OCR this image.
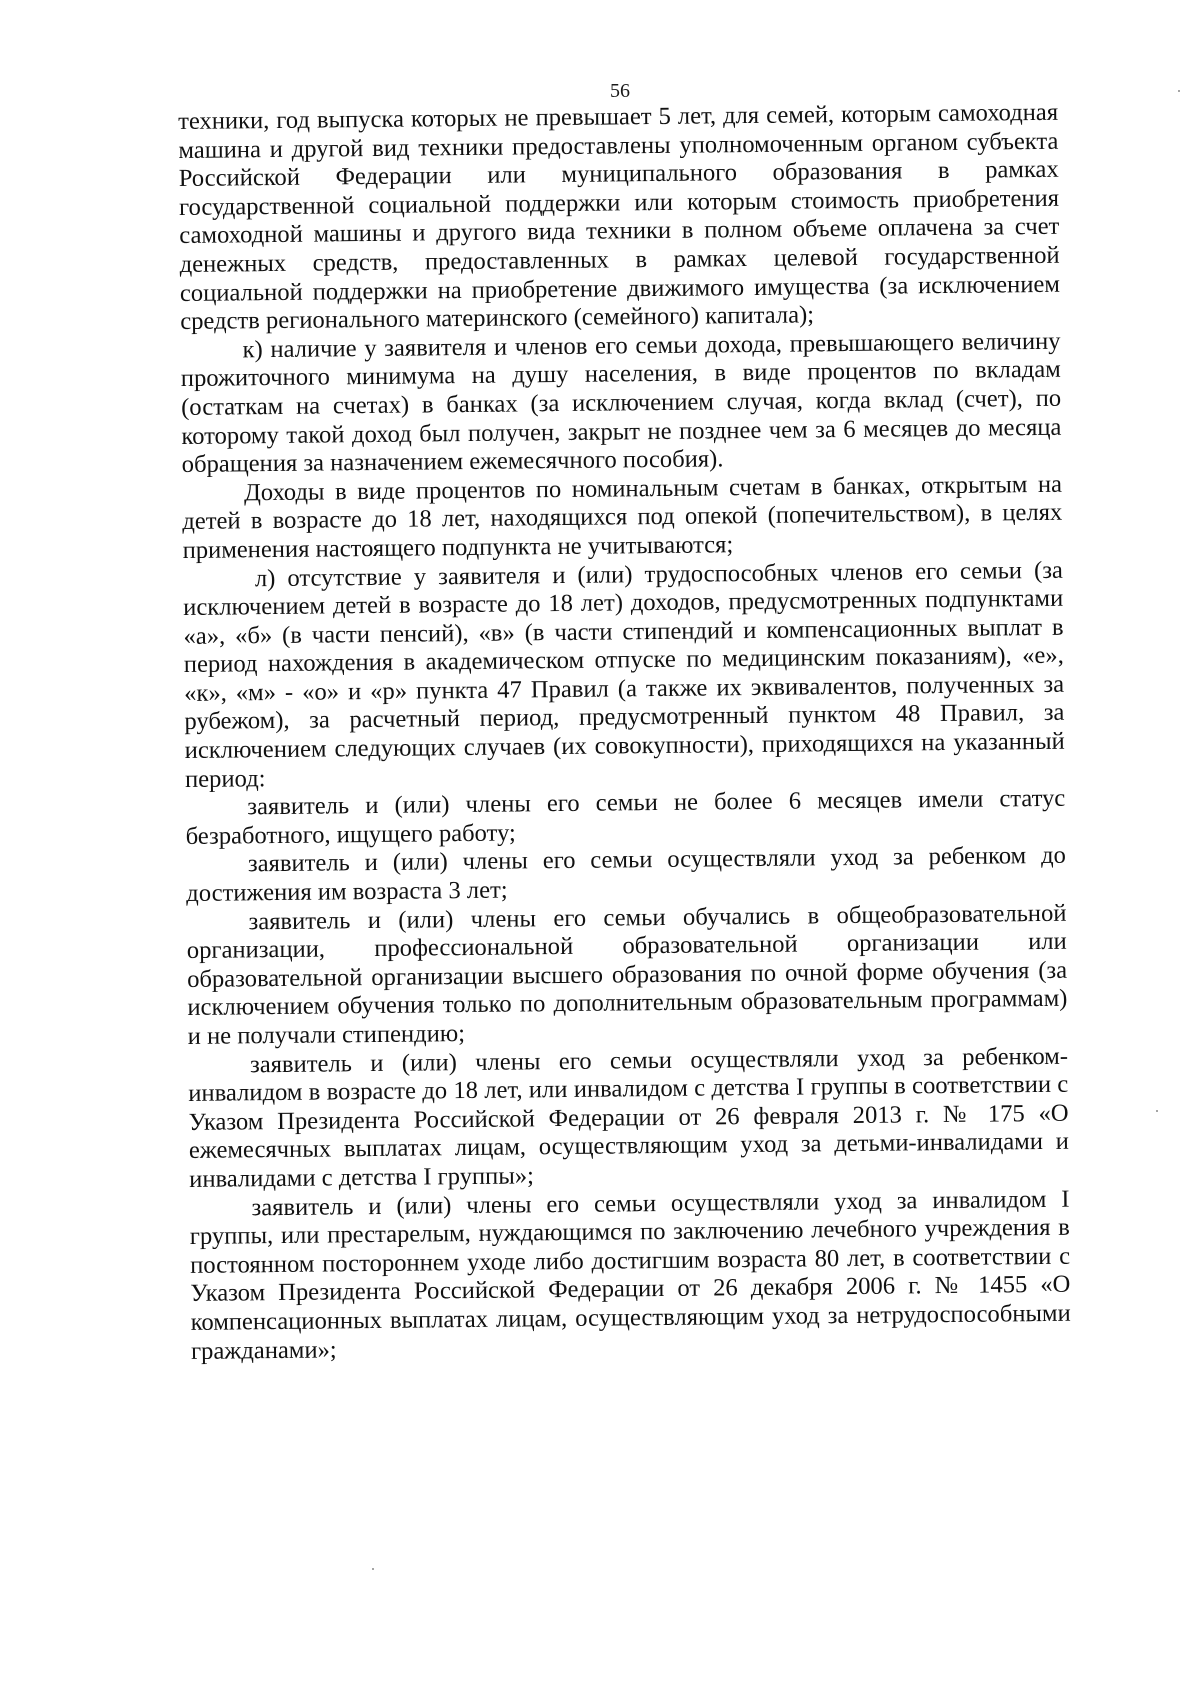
56

техники, год выпуска которых не превышает 5 лет, для семей, которым самоходная машина и другой вид техники предоставлены уполномоченным органом субъекта Российской Федерации или муниципального образования в рамках государственной социальной поддержки или которым стоимость приобретения самоходной машины и другого вида техники в полном объеме оплачена за счет денежных средств, предоставленных в рамках целевой государственной социальной поддержки на приобретение движимого имущества (за исключением средств регионального материнского (семейного) капитала);

к) наличие у заявителя и членов его семьи дохода, превышающего величину прожиточного минимума на душу населения, в виде процентов по вкладам (остаткам на счетах) в банках (за исключением случая, когда вклад (счет), по которому такой доход был получен, закрыт не позднее чем за 6 месяцев до месяца обращения за назначением ежемесячного пособия).

Доходы в виде процентов по номинальным счетам в банках, открытым на детей в возрасте до 18 лет, находящихся под опекой (попечительством), в целях применения настоящего подпункта не учитываются;

л) отсутствие у заявителя и (или) трудоспособных членов его семьи (за исключением детей в возрасте до 18 лет) доходов, предусмотренных подпунктами «а», «б» (в части пенсий), «в» (в части стипендий и компенсационных выплат в период нахождения в академическом отпуске по медицинским показаниям), «е», «к», «м» - «о» и «р» пункта 47 Правил (а также их эквивалентов, полученных за рубежом), за расчетный период, предусмотренный пунктом 48 Правил, за исключением следующих случаев (их совокупности), приходящихся на указанный период:

заявитель и (или) члены его семьи не более 6 месяцев имели статус безработного, ищущего работу;

заявитель и (или) члены его семьи осуществляли уход за ребенком до достижения им возраста 3 лет;

заявитель и (или) члены его семьи обучались в общеобразовательной организации, профессиональной образовательной организации или образовательной организации высшего образования по очной форме обучения (за исключением обучения только по дополнительным образовательным программам) и не получали стипендию;

заявитель и (или) члены его семьи осуществляли уход за ребенком-инвалидом в возрасте до 18 лет, или инвалидом с детства I группы в соответствии с Указом Президента Российской Федерации от 26 февраля 2013 г. № 175 «О ежемесячных выплатах лицам, осуществляющим уход за детьми-инвалидами и инвалидами с детства I группы»;

заявитель и (или) члены его семьи осуществляли уход за инвалидом I группы, или престарелым, нуждающимся по заключению лечебного учреждения в постоянном постороннем уходе либо достигшим возраста 80 лет, в соответствии с Указом Президента Российской Федерации от 26 декабря 2006 г. № 1455 «О компенсационных выплатах лицам, осуществляющим уход за нетрудоспособными гражданами»;
